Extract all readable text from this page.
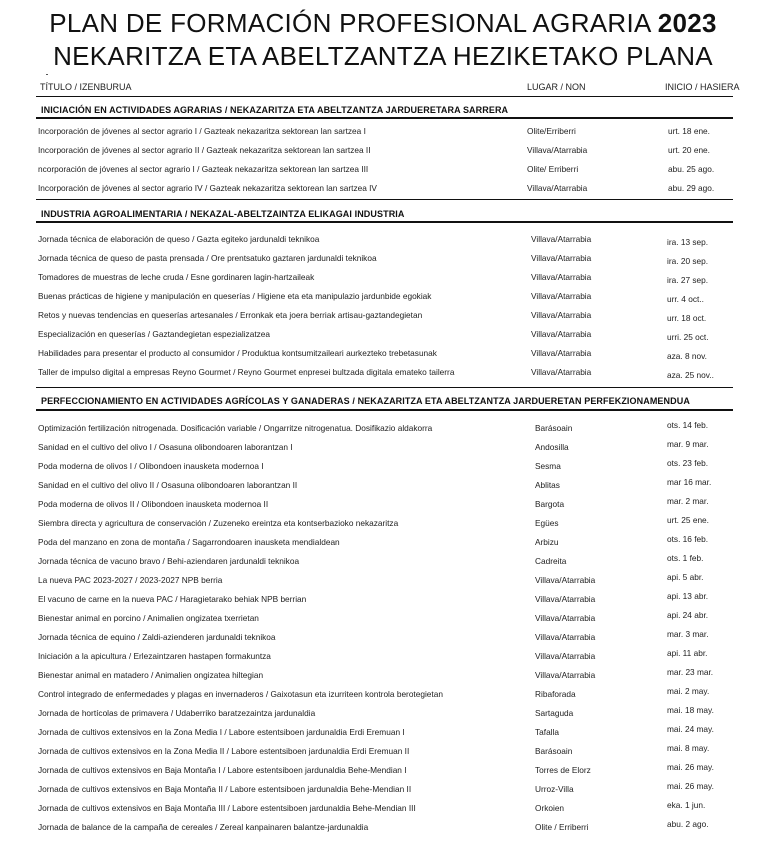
PLAN DE FORMACIÓN PROFESIONAL AGRARIA 2023
NEKARITZA ETA ABELTZANTZA HEZIKETAKO PLANA
TÍTULO / IZENBURUA	LUGAR / NON	INICIO / HASIERA
INICIACIÓN EN ACTIVIDADES AGRARIAS / NEKAZARITZA ETA ABELTZANTZA JARDUERETARA SARRERA
Incorporación de jóvenes al sector agrario I / Gazteak nekazaritza sektorean lan sartzea I	Olite/Erriberri	urt. 18 ene.
Incorporación de jóvenes al sector agrario II / Gazteak nekazaritza sektorean lan sartzea II	Villava/Atarrabia	urt. 20 ene.
ncorporación de jóvenes al sector agrario I / Gazteak nekazaritza sektorean lan sartzea III	Olite/ Erriberri	abu. 25 ago.
Incorporación de jóvenes al sector agrario IV / Gazteak nekazaritza sektorean lan sartzea IV	Villava/Atarrabia	abu. 29 ago.
INDUSTRIA AGROALIMENTARIA / NEKAZAL-ABELTZAINTZA ELIKAGAI INDUSTRIA
Jornada técnica de elaboración de queso / Gazta egiteko jardunaldi teknikoa	Villava/Atarrabia	ira. 13 sep.
Jornada técnica de queso de pasta prensada / Ore prentsatuko gaztaren jardunaldi teknikoa	Villava/Atarrabia	ira. 20 sep.
Tomadores de muestras de leche cruda / Esne gordinaren lagin-hartzaileak	Villava/Atarrabia	ira. 27 sep.
Buenas prácticas de higiene y manipulación en queserías / Higiene eta eta manipulazio jardunbide egokiak	Villava/Atarrabia	urr. 4 oct..
Retos y nuevas tendencias en queserías artesanales / Erronkak eta joera berriak artisau-gaztandegietan	Villava/Atarrabia	urr. 18 oct.
Especialización en queserías / Gaztandegietan espezializatzea	Villava/Atarrabia	urri. 25 oct.
Habilidades para presentar el producto al consumidor / Produktua kontsumitzaileari aurkezteko trebetasunak	Villava/Atarrabia	aza. 8 nov.
Taller de impulso digital a empresas Reyno Gourmet / Reyno Gourmet enpresei bultzada digitala emateko tailerra	Villava/Atarrabia	aza. 25 nov..
PERFECCIONAMIENTO EN ACTIVIDADES AGRÍCOLAS Y GANADERAS / NEKAZARITZA ETA ABELTZANTZA JARDUERETAN PERFEKZIONAMENDUA
Optimización fertilización nitrogenada. Dosificación variable / Ongarritze nitrogenatua. Dosifikazio aldakorra	Barásoain	ots. 14 feb.
Sanidad en el cultivo del olivo I / Osasuna olibondoaren laborantzan I	Andosilla	mar. 9 mar.
Poda moderna de olivos I / Olibondoen inausketa modernoa I	Sesma	ots. 23 feb.
Sanidad en el cultivo del olivo II / Osasuna olibondoaren laborantzan II	Ablitas	mar 16 mar.
Poda moderna de olivos II / Olibondoen inausketa modernoa II	Bargota	mar. 2 mar.
Siembra directa y agricultura de conservación / Zuzeneko ereintza eta kontserbazioko nekazaritza	Egües	urt. 25 ene.
Poda del manzano en zona de montaña / Sagarrondoaren inausketa mendialdean	Arbizu	ots. 16 feb.
Jornada técnica de vacuno bravo / Behi-aziendaren jardunaldi teknikoa	Cadreita	ots. 1 feb.
La nueva PAC 2023-2027 / 2023-2027 NPB berria	Villava/Atarrabia	api. 5 abr.
El vacuno de carne en la nueva PAC / Haragietarako behiak NPB berrian	Villava/Atarrabia	api. 13 abr.
Bienestar animal en porcino / Animalien ongizatea txerrietan	Villava/Atarrabia	api. 24 abr.
Jornada técnica de equino / Zaldi-azienderen jardunaldi teknikoa	Villava/Atarrabia	mar. 3 mar.
Iniciación a la apicultura / Erlezaintzaren hastapen formakuntza	Villava/Atarrabia	api. 11 abr.
Bienestar animal en matadero / Animalien ongizatea hiltegian	Villava/Atarrabia	mar. 23 mar.
Control integrado de enfermedades y plagas en invernaderos / Gaixotasun eta izurriteen kontrola berotegietan	Ribaforada	mai. 2 may.
Jornada de hortícolas de primavera / Udaberriko baratzezaintza jardunaldia	Sartaguda	mai. 18 may.
Jornada de cultivos extensivos en la Zona Media I / Labore estentsiboen jardunaldia Erdi Eremuan I	Tafalla	mai. 24 may.
Jornada de cultivos extensivos en la Zona Media II / Labore estentsiboen jardunaldia Erdi Eremuan II	Barásoain	mai. 8 may.
Jornada de cultivos extensivos en Baja Montaña I / Labore estentsiboen jardunaldia Behe-Mendian I	Torres de Elorz	mai. 26 may.
Jornada de cultivos extensivos en Baja Montaña II / Labore estentsiboen jardunaldia Behe-Mendian II	Urroz-Villa	mai. 26 may.
Jornada de cultivos extensivos en Baja Montaña III / Labore estentsiboen jardunaldia Behe-Mendian III	Orkoien	eka. 1 jun.
Jornada de balance de la campaña de cereales / Zereal kanpainaren balantze-jardunaldia	Olite / Erriberri	abu. 2 ago.
